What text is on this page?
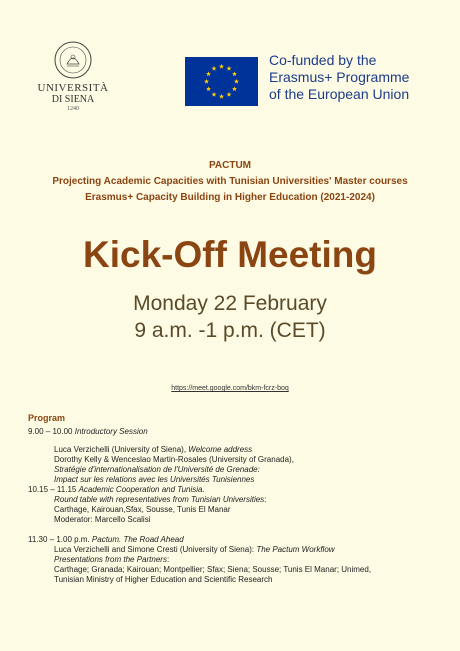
UNIVERSITÀ
DI SIENA
1240
Co-funded by the
Erasmus+ Programme
of the European Union
PACTUM
Projecting Academic Capacities with Tunisian Universities' Master courses
Erasmus+ Capacity Building in Higher Education (2021-2024)
Kick-Off Meeting
Monday 22 February
9 a.m. -1 p.m. (CET)
https://meet.google.com/bkm-fcrz-boq
Program
9.00 – 10.00 Introductory Session
Luca Verzichelli (University of Siena), Welcome address
Dorothy Kelly & Wenceslao Martin-Rosales (University of Granada),
Stratégie d'internationalisation de l'Université de Grenade:
Impact sur les relations avec les Universités Tunisiennes
10.15 – 11.15 Academic Cooperation and Tunisia.
Round table with representatives from Tunisian Universities:
Carthage, Kairouan,Sfax, Sousse, Tunis El Manar
Moderator: Marcello Scalisi
11.30 – 1.00 p.m. Pactum. The Road Ahead
Luca Verzichelli and Simone Cresti (University of Siena): The Pactum Workflow
Presentations from the Partners:
Carthage; Granada; Kairouan; Montpellier; Sfax; Siena; Sousse; Tunis El Manar; Unimed,
Tunisian Ministry of Higher Education and Scientific Research
